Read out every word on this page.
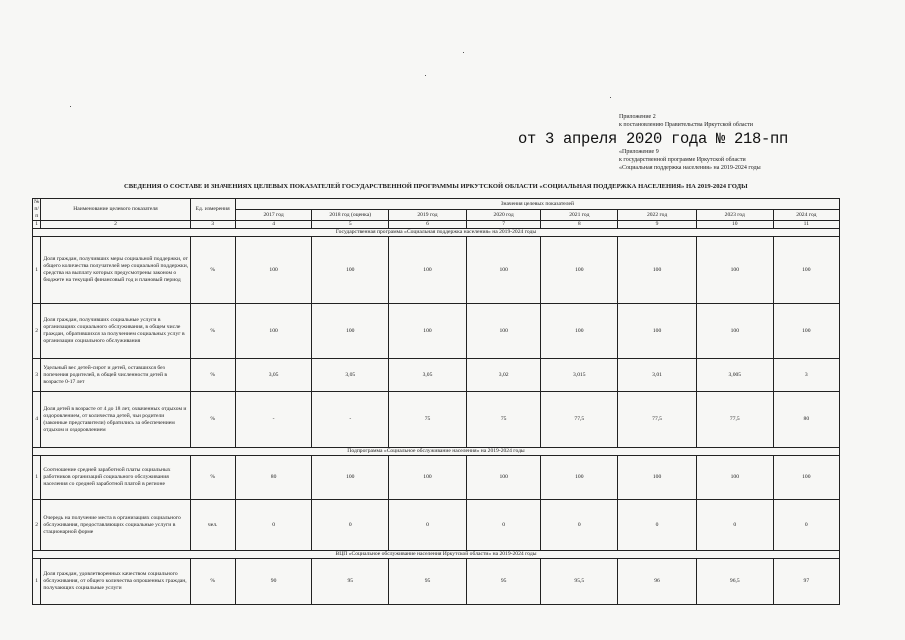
Приложение 2
к постановлению Правительства Иркутской области
от 3 апреля 2020 года № 218-пп
«Приложение 9
к государственной программе Иркутской области
«Социальная поддержка населения» на 2019-2024 годы
СВЕДЕНИЯ О СОСТАВЕ И ЗНАЧЕНИЯХ ЦЕЛЕВЫХ ПОКАЗАТЕЛЕЙ ГОСУДАРСТВЕННОЙ ПРОГРАММЫ ИРКУТСКОЙ ОБЛАСТИ «СОЦИАЛЬНАЯ ПОДДЕРЖКА НАСЕЛЕНИЯ» НА 2019-2024 ГОДЫ
№ п/п	Наименование целевого показателя	Ед. измерения	Значения целевых показателей							
			2017 год	2018 год (оценка)	2019 год	2020 год	2021 год	2022 год	2023 год	2024 год
1	2	3	4	5	6	7	8	9	10	11
Государственная программа «Социальная поддержка населения» на 2019-2024 годы										
1	Доля граждан, получивших меры социальной поддержки, от общего количества получателей мер социальной поддержки, средства на выплату которых предусмотрены законом о бюджете на текущий финансовый год и плановый период	%	100	100	100	100	100	100	100	100
2	Доля граждан, получивших социальные услуги в организациях социального обслуживания, в общем числе граждан, обратившихся за получением социальных услуг в организации социального обслуживания	%	100	100	100	100	100	100	100	100
3	Удельный вес детей-сирот и детей, оставшихся без попечения родителей, в общей численности детей в возрасте 0-17 лет	%	3,05	3,05	3,05	3,02	3,015	3,01	3,005	3
4	Доля детей в возрасте от 4 до 18 лет, охваченных отдыхом и оздоровлением, от количества детей, чьи родители (законные представители) обратились за обеспечением отдыхом и оздоровлением	%	-	-	75	75	77,5	77,5	77,5	80
Подпрограмма «Социальное обслуживание населения» на 2019-2024 годы										
1	Соотношение средней заработной платы социальных работников организаций социального обслуживания населения со средней заработной платой в регионе	%	80	100	100	100	100	100	100	100
2	Очередь на получение места в организациях социального обслуживания, предоставляющих социальные услуги в стационарной форме	чел.	0	0	0	0	0	0	0	0
ВЦП «Социальное обслуживание населения Иркутской области» на 2019-2024 годы										
1	Доля граждан, удовлетворенных качеством социального обслуживания, от общего количества опрошенных граждан, получающих социальные услуги	%	90	95	95	95	95,5	96	96,5	97
